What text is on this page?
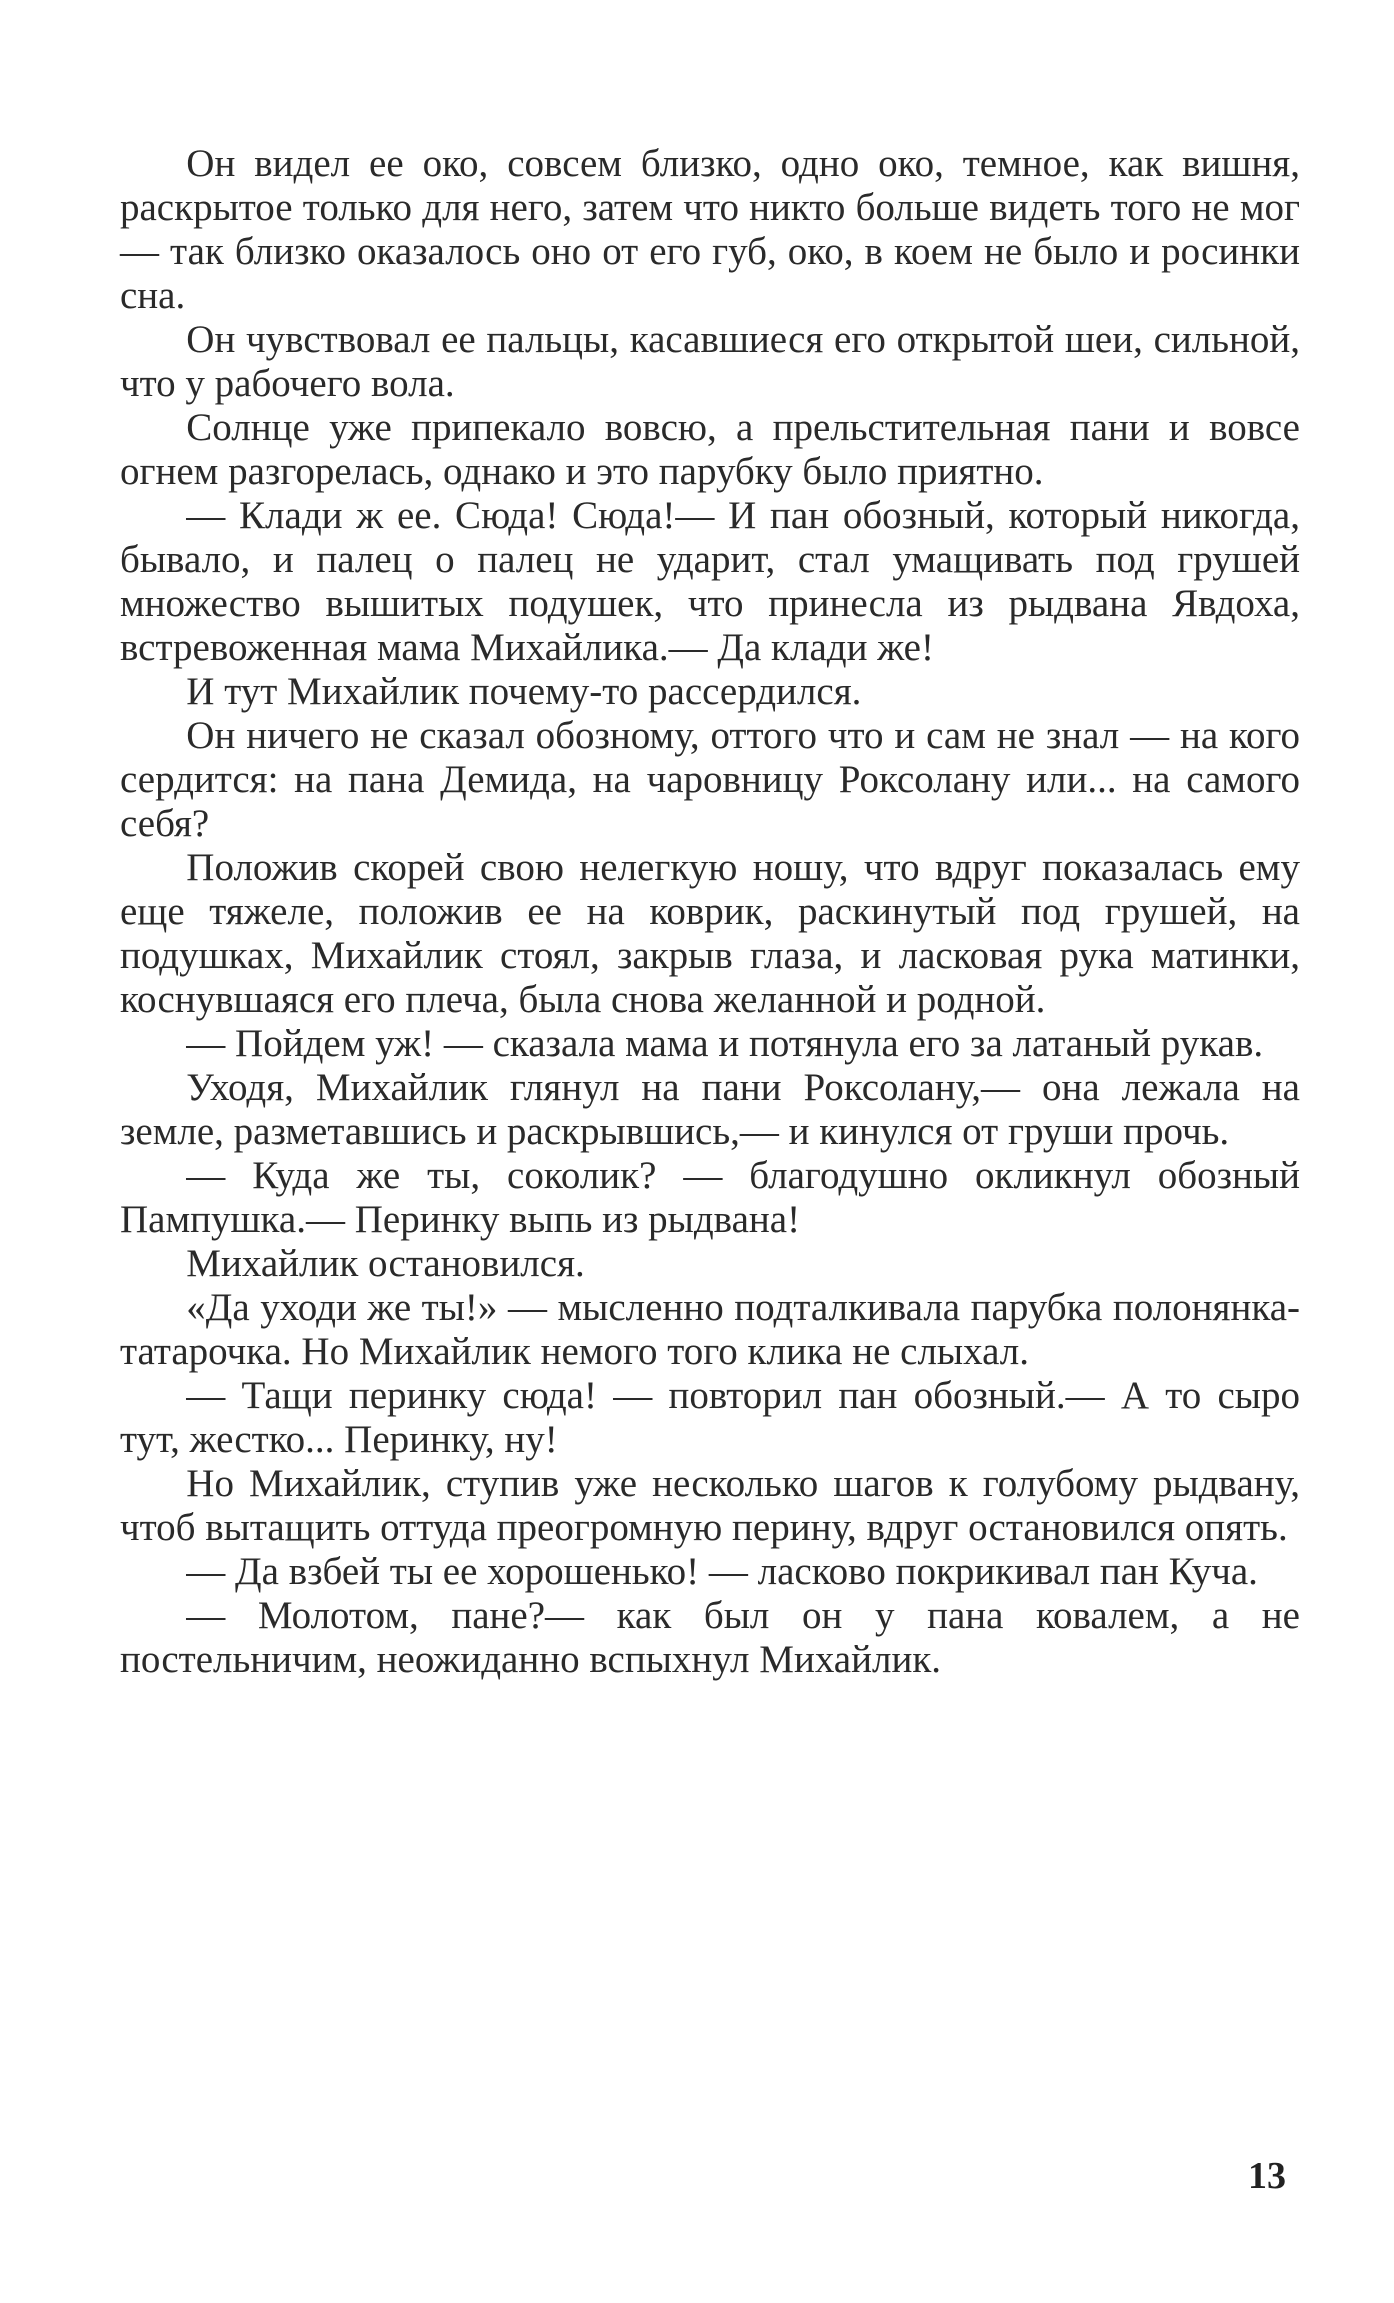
Он видел ее око, совсем близко, одно око, темное, как вишня, раскрытое только для него, затем что никто больше видеть того не мог — так близко оказалось оно от его губ, око, в коем не было и росинки сна.

Он чувствовал ее пальцы, касавшиеся его открытой шеи, сильной, что у рабочего вола.

Солнце уже припекало вовсю, а прельстительная пани и вовсе огнем разгорелась, однако и это парубку было приятно.

— Клади ж ее. Сюда! Сюда!— И пан обозный, который никогда, бывало, и палец о палец не ударит, стал умащивать под грушей множество вышитых подушек, что принесла из рыдвана Явдоха, встревоженная мама Михайлика.— Да клади же!

И тут Михайлик почему-то рассердился.

Он ничего не сказал обозному, оттого что и сам не знал — на кого сердится: на пана Демида, на чаровницу Роксолану или... на самого себя?

Положив скорей свою нелегкую ношу, что вдруг показалась ему еще тяжеле, положив ее на коврик, раскинутый под грушей, на подушках, Михайлик стоял, закрыв глаза, и ласковая рука матинки, коснувшаяся его плеча, была снова желанной и родной.

— Пойдем уж! — сказала мама и потянула его за латаный рукав.

Уходя, Михайлик глянул на пани Роксолану,— она лежала на земле, разметавшись и раскрывшись,— и кинулся от груши прочь.

— Куда же ты, соколик? — благодушно окликнул обозный Пампушка.— Перинку выпь из рыдвана!

Михайлик остановился.

«Да уходи же ты!» — мысленно подталкивала парубка полонянка-татарочка. Но Михайлик немого того клика не слыхал.

— Тащи перинку сюда! — повторил пан обозный.— А то сыро тут, жестко... Перинку, ну!

Но Михайлик, ступив уже несколько шагов к голубому рыдвану, чтоб вытащить оттуда преогромную перину, вдруг остановился опять.

— Да взбей ты ее хорошенько! — ласково покрикивал пан Куча.

— Молотом, пане?— как был он у пана ковалем, а не постельничим, неожиданно вспыхнул Михайлик.

13
